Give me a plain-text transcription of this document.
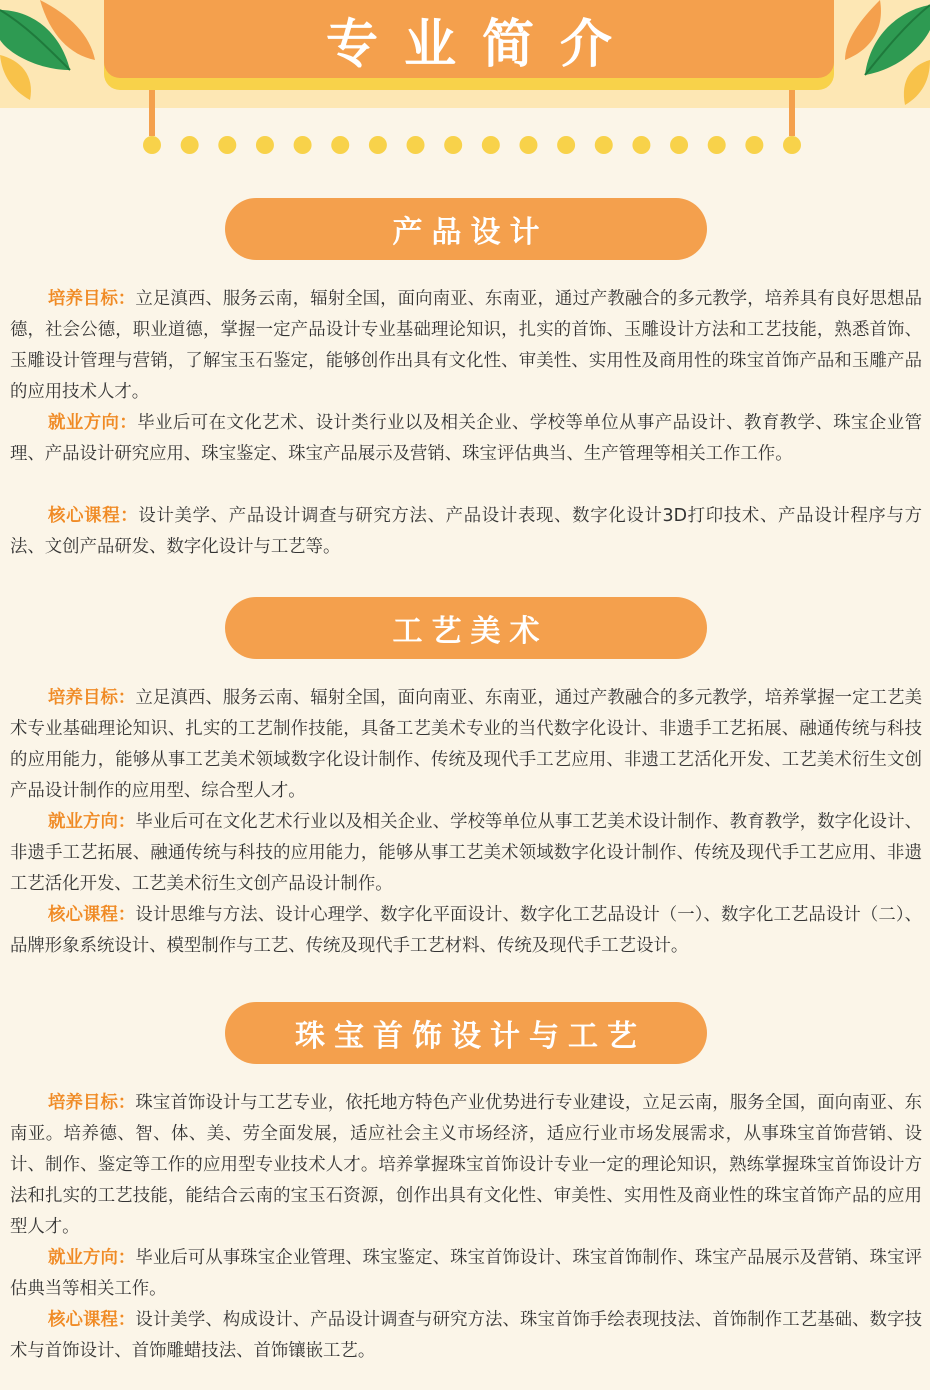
专业简介
产品设计

培养目标：立足滇西、服务云南，辐射全国，面向南亚、东南亚，通过产教融合的多元教学，培养具有良好思想品德，社会公德，职业道德，掌握一定产品设计专业基础理论知识，扎实的首饰、玉雕设计方法和工艺技能，熟悉首饰、玉雕设计管理与营销，了解宝玉石鉴定，能够创作出具有文化性、审美性、实用性及商用性的珠宝首饰产品和玉雕产品的应用技术人才。

就业方向：毕业后可在文化艺术、设计类行业以及相关企业、学校等单位从事产品设计、教育教学、珠宝企业管理、产品设计研究应用、珠宝鉴定、珠宝产品展示及营销、珠宝评估典当、生产管理等相关工作工作。

核心课程：设计美学、产品设计调查与研究方法、产品设计表现、数字化设计3D打印技术、产品设计程序与方法、文创产品研发、数字化设计与工艺等。

工艺美术

培养目标：立足滇西、服务云南、辐射全国，面向南亚、东南亚，通过产教融合的多元教学，培养掌握一定工艺美术专业基础理论知识、扎实的工艺制作技能，具备工艺美术专业的当代数字化设计、非遗手工艺拓展、融通传统与科技的应用能力，能够从事工艺美术领域数字化设计制作、传统及现代手工艺应用、非遗工艺活化开发、工艺美术衍生文创产品设计制作的应用型、综合型人才。

就业方向：毕业后可在文化艺术行业以及相关企业、学校等单位从事工艺美术设计制作、教育教学，数字化设计、非遗手工艺拓展、融通传统与科技的应用能力，能够从事工艺美术领域数字化设计制作、传统及现代手工艺应用、非遗工艺活化开发、工艺美术衍生文创产品设计制作。

核心课程：设计思维与方法、设计心理学、数字化平面设计、数字化工艺品设计（一）、数字化工艺品设计（二）、品牌形象系统设计、模型制作与工艺、传统及现代手工艺材料、传统及现代手工艺设计。

珠宝首饰设计与工艺

培养目标：珠宝首饰设计与工艺专业，依托地方特色产业优势进行专业建设，立足云南，服务全国，面向南亚、东南亚。培养德、智、体、美、劳全面发展，适应社会主义市场经济，适应行业市场发展需求，从事珠宝首饰营销、设计、制作、鉴定等工作的应用型专业技术人才。培养掌握珠宝首饰设计专业一定的理论知识，熟练掌握珠宝首饰设计方法和扎实的工艺技能，能结合云南的宝玉石资源，创作出具有文化性、审美性、实用性及商业性的珠宝首饰产品的应用型人才。

就业方向：毕业后可从事珠宝企业管理、珠宝鉴定、珠宝首饰设计、珠宝首饰制作、珠宝产品展示及营销、珠宝评估典当等相关工作。

核心课程：设计美学、构成设计、产品设计调查与研究方法、珠宝首饰手绘表现技法、首饰制作工艺基础、数字技术与首饰设计、首饰雕蜡技法、首饰镶嵌工艺。
